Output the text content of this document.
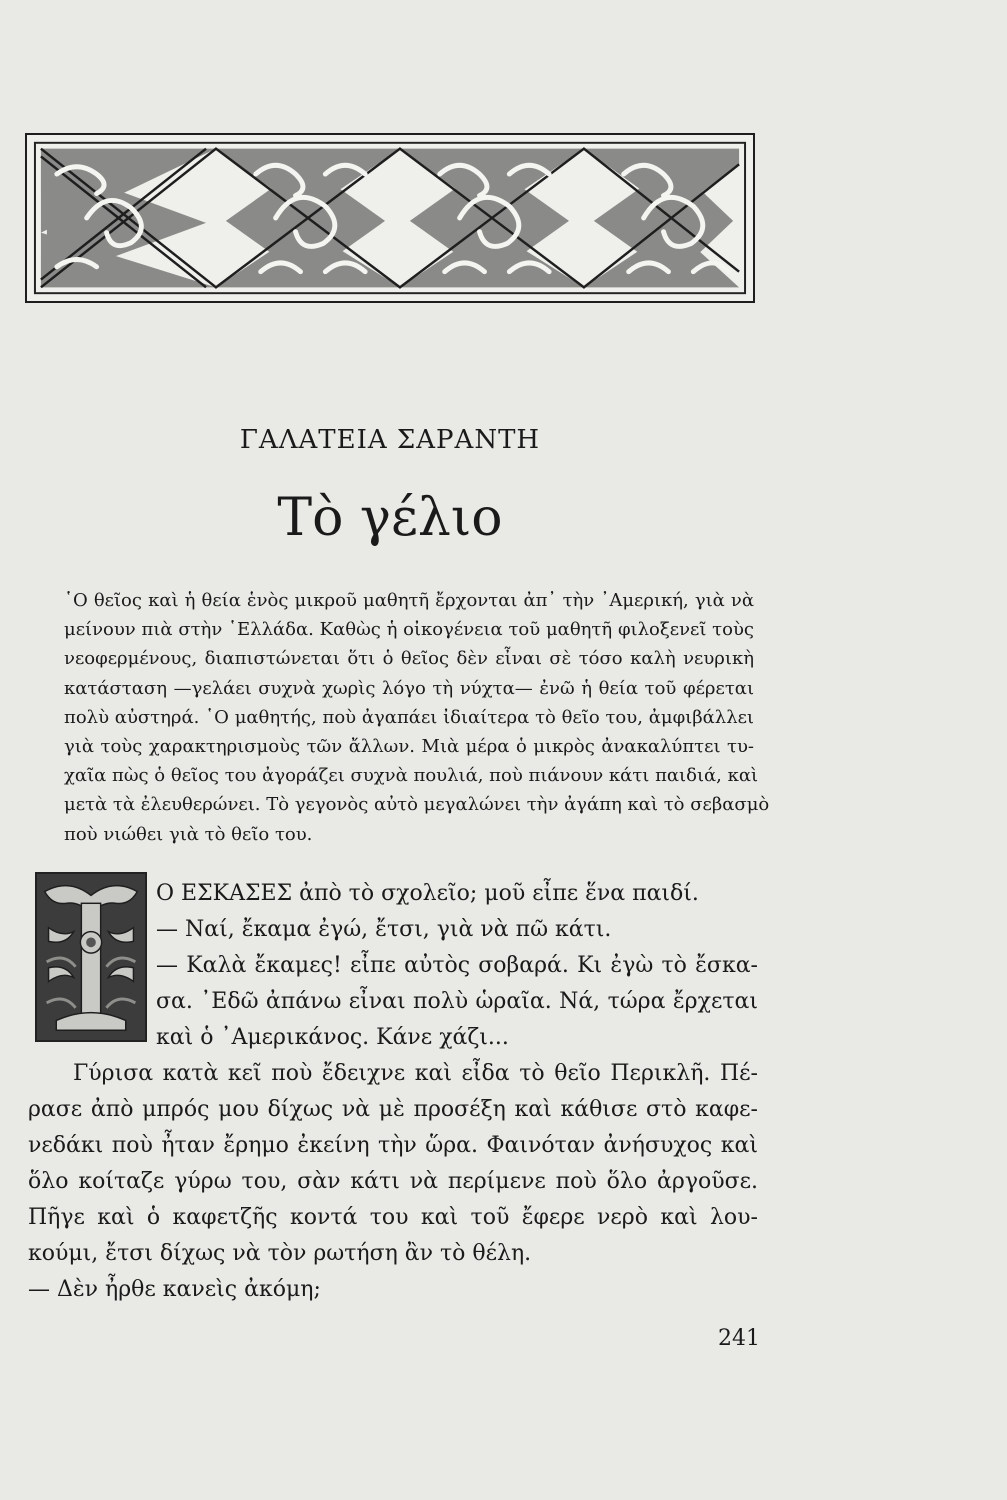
ΓΑΛΑΤΕΙΑ ΣΑΡΑΝΤΗ
Τὸ γέλιο
῾Ο θεῖος καὶ ἡ θεία ἑνὸς μικροῦ μαθητῆ ἔρχονται ἀπ᾽ τὴν ᾽Αμερική, γιὰ νὰ
μείνουν πιὰ στὴν ῾Ελλάδα. Καθὼς ἡ οἰκογένεια τοῦ μαθητῆ φιλοξενεῖ τοὺς
νεοφερμένους, διαπιστώνεται ὅτι ὁ θεῖος δὲν εἶναι σὲ τόσο καλὴ νευρικὴ
κατάσταση —γελάει συχνὰ χωρὶς λόγο τὴ νύχτα— ἐνῶ ἡ θεία τοῦ φέρεται
πολὺ αὐστηρά. ῾Ο μαθητής, ποὺ ἀγαπάει ἰδιαίτερα τὸ θεῖο του, ἀμφιβάλλει
γιὰ τοὺς χαρακτηρισμοὺς τῶν ἄλλων. Μιὰ μέρα ὁ μικρὸς ἀνακαλύπτει τυ-
χαῖα πὼς ὁ θεῖος του ἀγοράζει συχνὰ πουλιά, ποὺ πιάνουν κάτι παιδιά, καὶ
μετὰ τὰ ἐλευθερώνει. Τὸ γεγονὸς αὐτὸ μεγαλώνει τὴν ἀγάπη καὶ τὸ σεβασμὸ
ποὺ νιώθει γιὰ τὸ θεῖο του.
Ο ΕΣΚΑΣΕΣ ἀπὸ τὸ σχολεῖο; μοῦ εἶπε ἕνα παιδί.
— Ναί, ἔκαμα ἐγώ, ἔτσι, γιὰ νὰ πῶ κάτι.
— Καλὰ ἔκαμες! εἶπε αὐτὸς σοβαρά. Κι ἐγὼ τὸ ἔσκα-
σα. ᾽Εδῶ ἀπάνω εἶναι πολὺ ὡραῖα. Νά, τώρα ἔρχεται
καὶ ὁ ᾽Αμερικάνος. Κάνε χάζι...
Γύρισα κατὰ κεῖ ποὺ ἔδειχνε καὶ εἶδα τὸ θεῖο Περικλῆ. Πέ-
ρασε ἀπὸ μπρός μου δίχως νὰ μὲ προσέξη καὶ κάθισε στὸ καφε-
νεδάκι ποὺ ἦταν ἔρημο ἐκείνη τὴν ὥρα. Φαινόταν ἀνήσυχος καὶ
ὅλο κοίταζε γύρω του, σὰν κάτι νὰ περίμενε ποὺ ὅλο ἀργοῦσε.
Πῆγε καὶ ὁ καφετζῆς κοντά του καὶ τοῦ ἔφερε νερὸ καὶ λου-
κούμι, ἔτσι δίχως νὰ τὸν ρωτήση ἂν τὸ θέλη.
— Δὲν ἦρθε κανεὶς ἀκόμη;
241
